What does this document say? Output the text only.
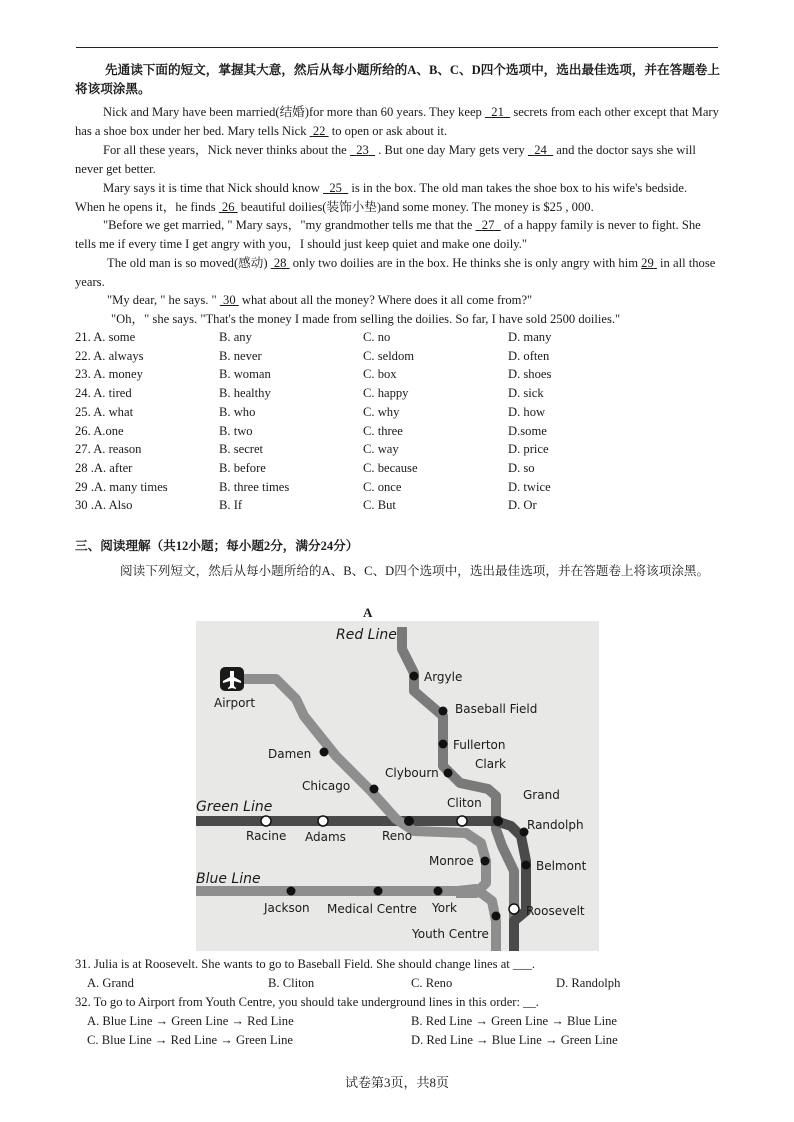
先通读下面的短文，掌握其大意，然后从每小题所给的A、B、C、D四个选项中，选出最佳选项，并在答题卷上将该项涂黑。

Nick and Mary have been married(结婚)for more than 60 years. They keep   21   secrets from each other except that Mary has a shoe box under her bed. Mary tells Nick  22  to open or ask about it.

For all these years，Nick never thinks about the   23   . But one day Mary gets very   24   and the doctor says she will never get better.

Mary says it is time that Nick should know   25   is in the box. The old man takes the shoe box to his wife's bedside. When he opens it，he finds  26  beautiful doilies(装饰小垫)and some money. The money is $25 , 000.

"Before we get married, " Mary says，"my grandmother tells me that the   27   of a happy family is never to fight. She tells me if every time I get angry with you，I should just keep quiet and make one doily."

The old man is so moved(感动)  28  only two doilies are in the box. He thinks she is only angry with him 29  in all those years.

"My dear, " he says. "  30  what about all the money? Where does it all come from?"

"Oh，" she says. "That's the money I made from selling the doilies. So far, I have sold 2500 doilies."

21. A. some	B. any	C. no	D. many
22. A. always	B. never	C. seldom	D. often
23. A. money	B. woman	C. box	D. shoes
24. A. tired	B. healthy	C. happy	D. sick
25. A. what	B. who	C. why	D. how
26. A.one	B. two	C. three	D.some
27. A. reason	B. secret	C. way	D. price
28 .A. after	B. before	C. because	D. so
29 .A. many times	B. three times	C. once	D. twice
30 .A. Also	B. If	C. But	D. Or
三、阅读理解（共12小题；每小题2分，满分24分）

阅读下列短文，然后从每小题所给的A、B、C、D四个选项中，选出最佳选项，并在答题卷上将该项涂黑。

A
Red Line
Green Line
Blue Line
Airport
Argyle
Baseball Field
Fullerton
Damen
Clybourn
Clark
Chicago
Grand
Cliton
Racine Adams	Reno
Randolph
Monroe	Belmont
Jackson Medical Centre York	Roosevelt
Youth Centre
31. Julia is at Roosevelt. She wants to go to Baseball Field. She should change lines at ___.
A. Grand	B. Cliton	C. Reno	D. Randolph
32. To go to Airport from Youth Centre, you should take underground lines in this order: __.
A. Blue Line → Green Line → Red Line	B. Red Line → Green Line → Blue Line
C. Blue Line → Red Line → Green Line	D. Red Line → Blue Line → Green Line
试卷第3页，共8页
